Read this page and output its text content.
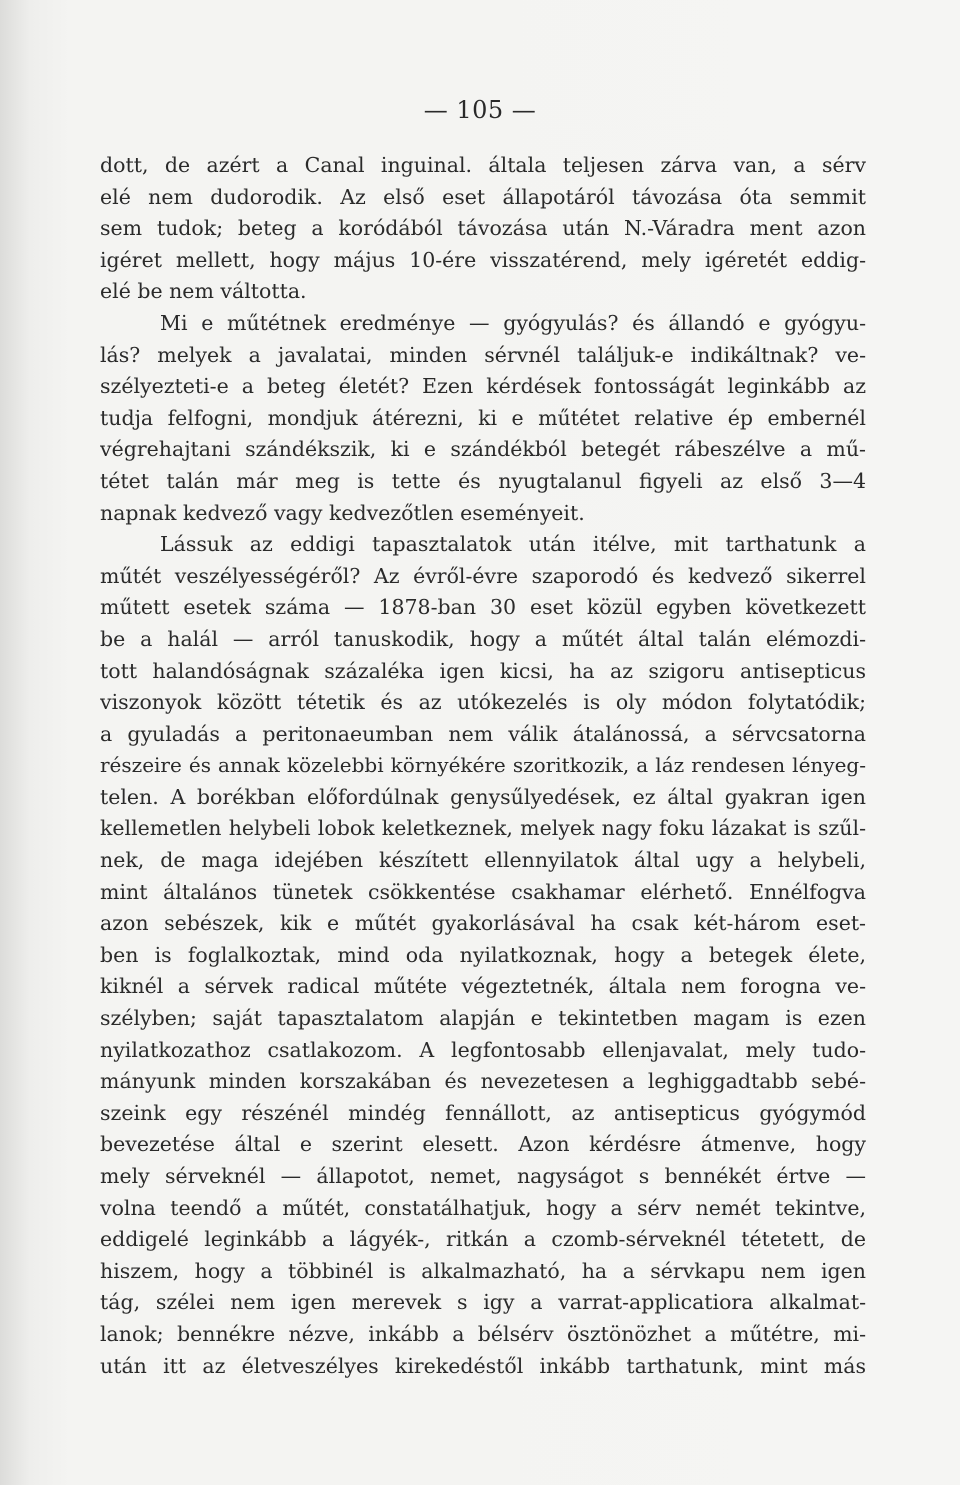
— 105 —
dott, de azért a Canal inguinal. általa teljesen zárva van, a sérv
elé nem dudorodik. Az első eset állapotáról távozása óta semmit
sem tudok; beteg a koródából távozása után N.-Váradra ment azon
igéret mellett, hogy május 10-ére visszatérend, mely igéretét eddig-
elé be nem váltotta.
Mi e műtétnek eredménye — gyógyulás? és állandó e gyógyu-
lás? melyek a javalatai, minden sérvnél találjuk-e indikáltnak? ve-
szélyezteti-e a beteg életét? Ezen kérdések fontosságát leginkább az
tudja felfogni, mondjuk átérezni, ki e műtétet relative ép embernél
végrehajtani szándékszik, ki e szándékból betegét rábeszélve a mű-
tétet talán már meg is tette és nyugtalanul figyeli az első 3—4
napnak kedvező vagy kedvezőtlen eseményeit.
Lássuk az eddigi tapasztalatok után itélve, mit tarthatunk a
műtét veszélyességéről? Az évről-évre szaporodó és kedvező sikerrel
műtett esetek száma — 1878-ban 30 eset közül egyben következett
be a halál — arról tanuskodik, hogy a műtét által talán elémozdi-
tott halandóságnak százaléka igen kicsi, ha az szigoru antisepticus
viszonyok között tétetik és az utókezelés is oly módon folytatódik;
a gyuladás a peritonaeumban nem válik átalánossá, a sérvcsatorna
részeire és annak közelebbi környékére szoritkozik, a láz rendesen lényeg-
telen. A borékban előfordúlnak genysűlyedések, ez által gyakran igen
kellemetlen helybeli lobok keletkeznek, melyek nagy foku lázakat is szűl-
nek, de maga idejében készített ellennyilatok által ugy a helybeli,
mint általános tünetek csökkentése csakhamar elérhető. Ennélfogva
azon sebészek, kik e műtét gyakorlásával ha csak két-három eset-
ben is foglalkoztak, mind oda nyilatkoznak, hogy a betegek élete,
kiknél a sérvek radical műtéte végeztetnék, általa nem forogna ve-
szélyben; saját tapasztalatom alapján e tekintetben magam is ezen
nyilatkozathoz csatlakozom. A legfontosabb ellenjavalat, mely tudo-
mányunk minden korszakában és nevezetesen a leghiggadtabb sebé-
szeink egy részénél mindég fennállott, az antisepticus gyógymód
bevezetése által e szerint elesett. Azon kérdésre átmenve, hogy
mely sérveknél — állapotot, nemet, nagyságot s bennékét értve —
volna teendő a műtét, constatálhatjuk, hogy a sérv nemét tekintve,
eddigelé leginkább a lágyék-, ritkán a czomb-sérveknél tétetett, de
hiszem, hogy a többinél is alkalmazható, ha a sérvkapu nem igen
tág, szélei nem igen merevek s igy a varrat-applicatiora alkalmat-
lanok; bennékre nézve, inkább a bélsérv ösztönözhet a műtétre, mi-
után itt az életveszélyes kirekedéstől inkább tarthatunk, mint más
